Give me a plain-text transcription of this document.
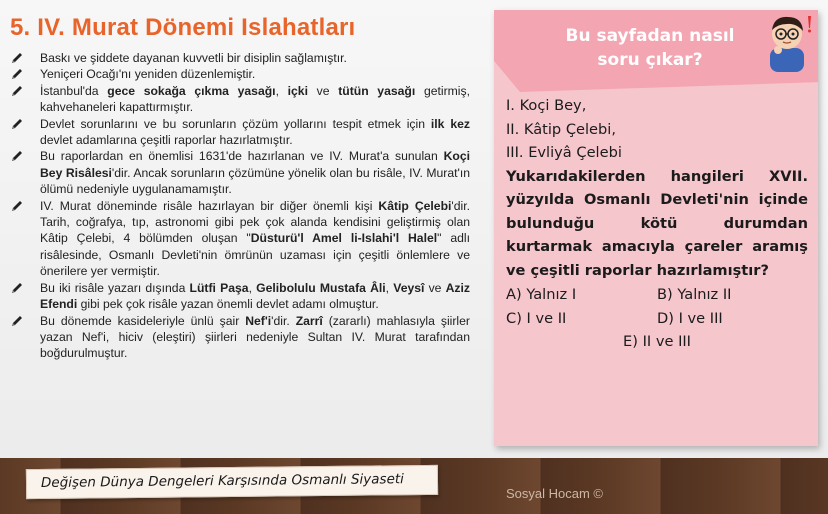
5. IV. Murat Dönemi Islahatları

Baskı ve şiddete dayanan kuvvetli bir disiplin sağlamıştır.

Yeniçeri Ocağı'nı yeniden düzenlemiştir.

İstanbul'da gece sokağa çıkma yasağı, içki ve tütün yasağı getirmiş, kahvehaneleri kapattırmıştır.

Devlet sorunlarını ve bu sorunların çözüm yollarını tespit etmek için ilk kez devlet adamlarına çeşitli raporlar hazırlatmıştır.

Bu raporlardan en önemlisi 1631'de hazırlanan ve IV. Murat'a sunulan Koçi Bey Risâlesi'dir. Ancak sorunların çözümüne yönelik olan bu risâle, IV. Murat'ın ölümü nedeniyle uygulanamamıştır.

IV. Murat döneminde risâle hazırlayan bir diğer önemli kişi Kâtip Çelebi'dir. Tarih, coğrafya, tıp, astronomi gibi pek çok alanda kendisini geliştirmiş olan Kâtip Çelebi, 4 bölümden oluşan "Düsturü'l Amel li-Islahi'l Halel" adlı risâlesinde, Osmanlı Devleti'nin ömrünün uzaması için çeşitli önlemlere ve önerilere yer vermiştir.

Bu iki risâle yazarı dışında Lütfi Paşa, Gelibolulu Mustafa Âli, Veysî ve Aziz Efendi gibi pek çok risâle yazan önemli devlet adamı olmuştur.

Bu dönemde kasideleriyle ünlü şair Nef'i'dir. Zarrî (zararlı) mahlasıyla şiirler yazan Nef'i, hiciv (eleştiri) şiirleri nedeniyle Sultan IV. Murat tarafından boğdurulmuştur.

Bu sayfadan nasıl soru çıkar?

I. Koçi Bey,

II. Kâtip Çelebi,

III. Evliyâ Çelebi

Yukarıdakilerden hangileri XVII. yüzyılda Osmanlı Devleti'nin içinde bulunduğu kötü durumdan kurtarmak amacıyla çareler aramış ve çeşitli raporlar hazırlamıştır?

A) Yalnız I	B) Yalnız II
C) I ve II	D) I ve III
E) II ve III
Değişen Dünya Dengeleri Karşısında Osmanlı Siyaseti
Sosyal Hocam ©
